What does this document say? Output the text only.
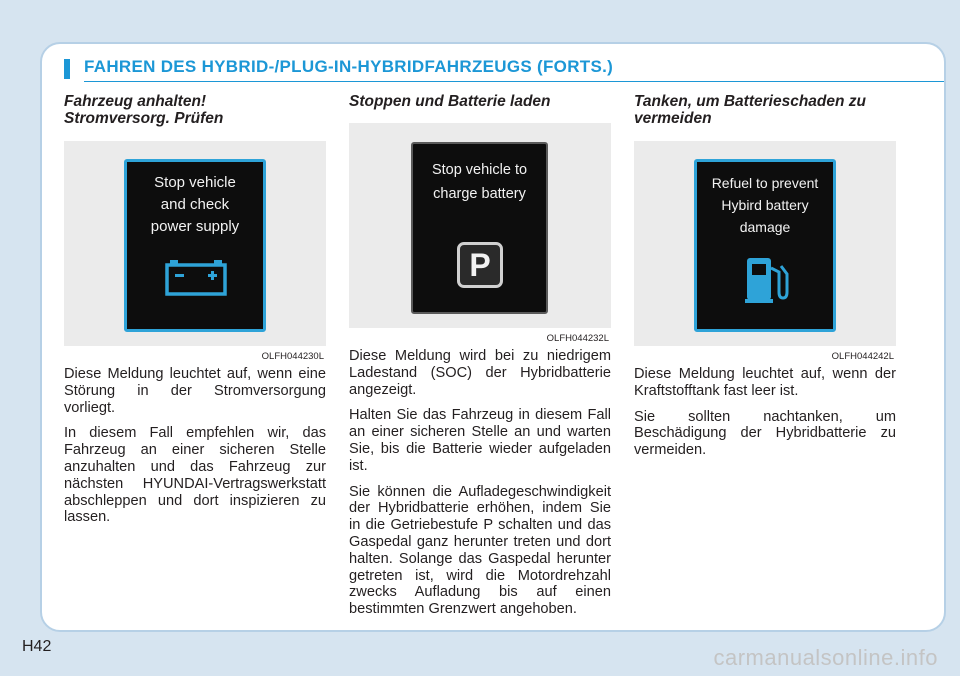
FAHREN DES HYBRID-/PLUG-IN-HYBRIDFAHRZEUGS (FORTS.)
Fahrzeug anhalten!
Stromversorg. Prüfen
Stop vehicle
and check
power supply
OLFH044230L

Diese Meldung leuchtet auf, wenn eine Störung in der Stromversorgung vorliegt.

In diesem Fall empfehlen wir, das Fahrzeug an einer sicheren Stelle anzuhalten und das Fahrzeug zur nächsten HYUNDAI-Vertragswerkstatt abschleppen und dort inspizieren zu lassen.

Stoppen und Batterie laden
Stop vehicle to
charge battery
P
OLFH044232L

Diese Meldung wird bei zu niedrigem Ladestand (SOC) der Hybridbatterie angezeigt.

Halten Sie das Fahrzeug in diesem Fall an einer sicheren Stelle an und warten Sie, bis die Batterie wieder aufgeladen ist.

Sie können die Aufladegeschwindigkeit der Hybridbatterie erhöhen, indem Sie in die Getriebestufe P schalten und das Gaspedal ganz herunter treten und dort halten. Solange das Gaspedal herunter getreten ist, wird die Motordrehzahl zwecks Aufladung bis auf einen bestimmten Grenzwert angehoben.

Tanken, um Batterieschaden zu
vermeiden
Refuel to prevent
Hybird battery
damage
OLFH044242L

Diese Meldung leuchtet auf, wenn der Kraftstofftank fast leer ist.

Sie sollten nachtanken, um Beschädigung der Hybridbatterie zu vermeiden.

H42	carmanualsonline.info
